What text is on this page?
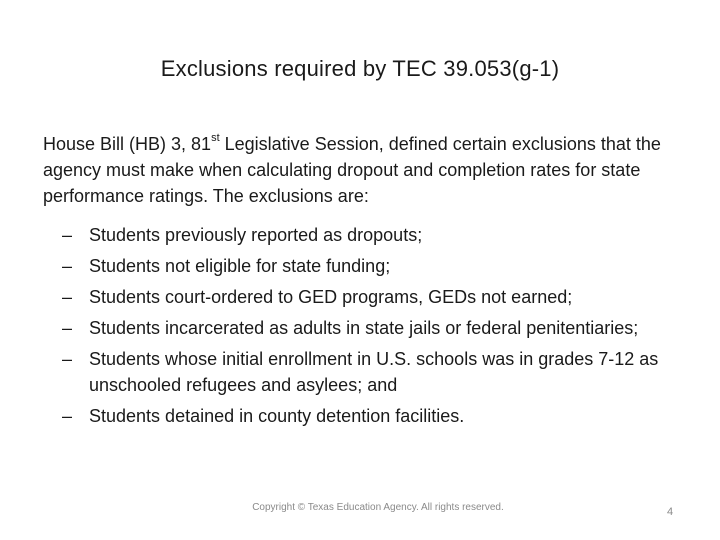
Exclusions required by TEC 39.053(g-1)
House Bill (HB) 3, 81st Legislative Session, defined certain exclusions that the agency must make when calculating dropout and completion rates for state performance ratings. The exclusions are:
– Students previously reported as dropouts;
– Students not eligible for state funding;
– Students court-ordered to GED programs, GEDs not earned;
– Students incarcerated as adults in state jails or federal penitentiaries;
– Students whose initial enrollment in U.S. schools was in grades 7-12 as unschooled refugees and asylees; and
– Students detained in county detention facilities.
Copyright © Texas Education Agency. All rights reserved.	4
